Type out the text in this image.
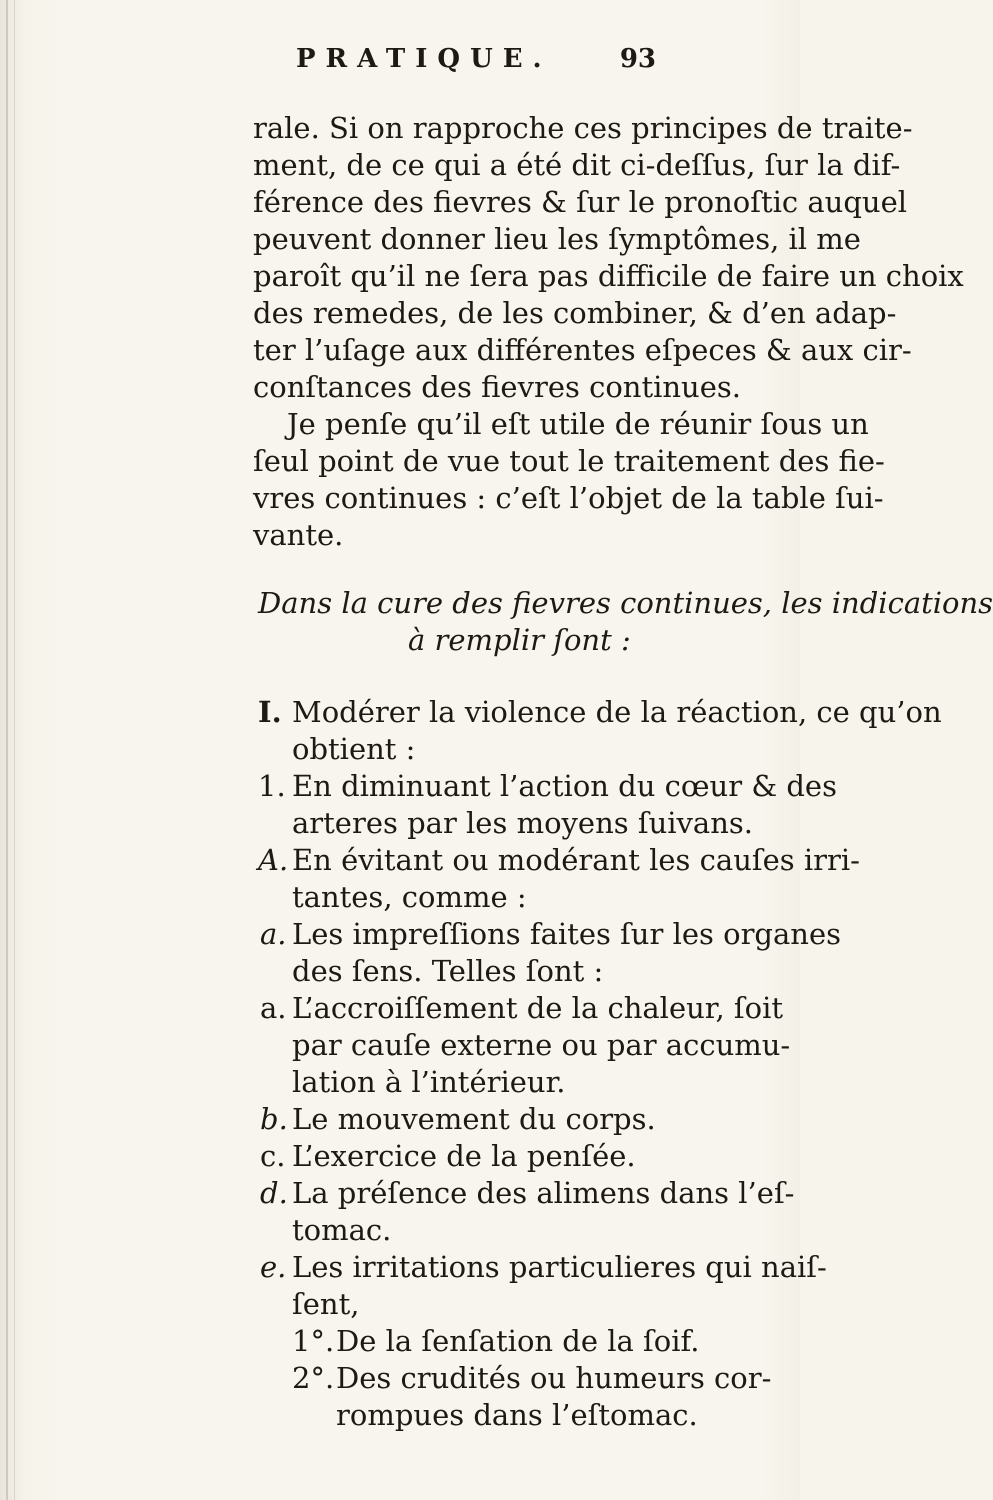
PRATIQUE.	93
rale. Si on rapproche ces principes de traite-
ment, de ce qui a été dit ci-deſſus, ſur la dif-
férence des fievres & ſur le pronoſtic auquel
peuvent donner lieu les ſymptômes, il me
paroît qu’il ne ſera pas difficile de faire un choix
des remedes, de les combiner, & d’en adap-
ter l’uſage aux différentes eſpeces & aux cir-
conſtances des fievres continues.
Je penſe qu’il eſt utile de réunir ſous un
ſeul point de vue tout le traitement des fie-
vres continues : c’eſt l’objet de la table ſui-
vante.
Dans la cure des fievres continues, les indications
à remplir ſont :
I. Modérer la violence de la réaction, ce qu’on
obtient :
1. En diminuant l’action du cœur & des
arteres par les moyens ſuivans.
A. En évitant ou modérant les cauſes irri-
tantes, comme :
a. Les impreſſions faites ſur les organes
des ſens. Telles ſont :
a. L’accroiſſement de la chaleur, ſoit
par cauſe externe ou par accumu-
lation à l’intérieur.
b. Le mouvement du corps.
c. L’exercice de la penſée.
d. La préſence des alimens dans l’eſ-
tomac.
e. Les irritations particulieres qui naiſ-
ſent,
1°. De la ſenſation de la ſoif.
2°. Des crudités ou humeurs cor-
rompues dans l’eſtomac.
